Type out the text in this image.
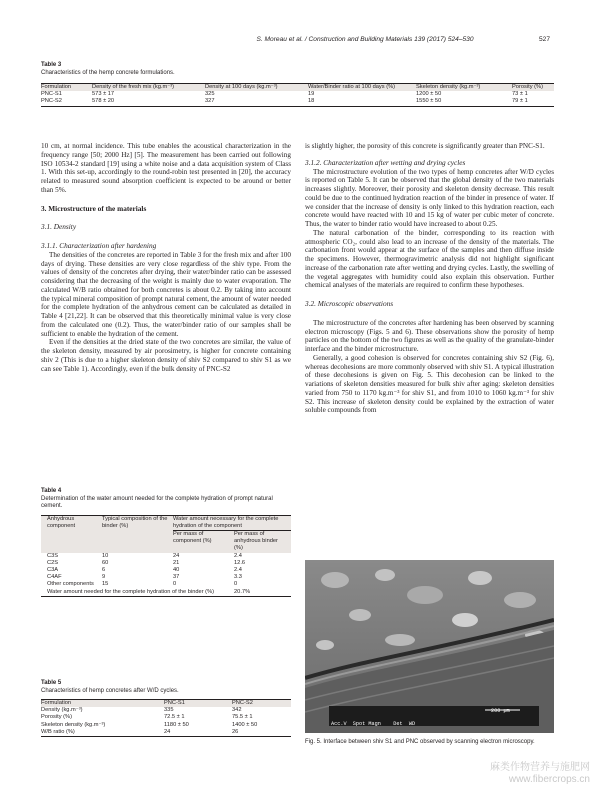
S. Moreau et al. / Construction and Building Materials 139 (2017) 524–530	527
Table 3
Characteristics of the hemp concrete formulations.
Formulation	Density of the fresh mix (kg.m⁻³)	Density at 100 days (kg.m⁻³)	Water/Binder ratio at 100 days (%)	Skeleton density (kg.m⁻³)	Porosity (%)
PNC-S1	573 ± 17	325	19	1200 ± 50	73 ± 1
PNC-S2	578 ± 20	327	18	1550 ± 50	79 ± 1

10 cm, at normal incidence. This tube enables the acoustical characterization in the frequency range [50; 2000 Hz] [5]. The measurement has been carried out following ISO 10534-2 standard [19] using a white noise and a data acquisition system of Class 1. With this set-up, accordingly to the round-robin test presented in [20], the accuracy related to measured sound absorption coefficient is expected to be around or better than 5%.

3. Microstructure of the materials
3.1. Density
3.1.1. Characterization after hardening

The densities of the concretes are reported in Table 3 for the fresh mix and after 100 days of drying. These densities are very close regardless of the shiv type. From the values of density of the concretes after drying, their water/binder ratio can be assessed considering that the decreasing of the weight is mainly due to water evaporation. The calculated W/B ratio obtained for both concretes is about 0.2. By taking into account the typical mineral composition of prompt natural cement, the amount of water needed for the complete hydration of the anhydrous cement can be calculated as detailed in Table 4 [21,22]. It can be observed that this theoretically minimal value is very close from the calculated one (0.2). Thus, the water/binder ratio of our samples shall be sufficient to enable the hydration of the cement.

Even if the densities at the dried state of the two concretes are similar, the value of the skeleton density, measured by air porosimetry, is higher for concrete containing shiv 2 (This is due to a higher skeleton density of shiv S2 compared to shiv S1 as we can see Table 1). Accordingly, even if the bulk density of PNC-S2

Table 4
Determination of the water amount needed for the complete hydration of prompt natural cement.
Anhydrous component	Typical composition of the binder (%)	Water amount necessary for the complete hydration of the component	
		Per mass of component (%)	Per mass of anhydrous binder (%)
C3S	10	24	2.4
C2S	60	21	12.6
C3A	6	40	2.4
C4AF	9	37	3.3
Other components	15	0	0
Water amount needed for the complete hydration of the binder (%)			20.7%
Table 5
Characteristics of hemp concretes after W/D cycles.
Formulation	PNC-S1	PNC-S2
Density (kg.m⁻³)	335	342
Porosity (%)	72.5 ± 1	75.5 ± 1
Skeleton density (kg.m⁻³)	1180 ± 50	1400 ± 50
W/B ratio (%)	24	26

is slightly higher, the porosity of this concrete is significantly greater than PNC-S1.

3.1.2. Characterization after wetting and drying cycles

The microstructure evolution of the two types of hemp concretes after W/D cycles is reported on Table 5. It can be observed that the global density of the two materials increases slightly. Moreover, their porosity and skeleton density decrease. This result could be due to the continued hydration reaction of the binder in presence of water. If we consider that the increase of density is only linked to this hydration reaction, each concrete would have reacted with 10 and 15 kg of water per cubic meter of concrete. Thus, the water to binder ratio would have increased to about 0.25.

The natural carbonation of the binder, corresponding to its reaction with atmospheric CO₂, could also lead to an increase of the density of the materials. The carbonation front would appear at the surface of the samples and then diffuse inside the specimens. However, thermogravimetric analysis did not highlight significant increase of the carbonation rate after wetting and drying cycles. Lastly, the swelling of the vegetal aggregates with humidity could also explain this observation. Further chemical analyses of the materials are required to confirm these hypotheses.

3.2. Microscopic observations

The microstructure of the concretes after hardening has been observed by scanning electron microscopy (Figs. 5 and 6). These observations show the porosity of hemp particles on the bottom of the two figures as well as the quality of the granulate-binder interface and the binder microstructure.

Generally, a good cohesion is observed for concretes containing shiv S2 (Fig. 6), whereas decohesions are more commonly observed with shiv S1. A typical illustration of these decohesions is given on Fig. 5. This decohesion can be linked to the variations of skeleton densities measured for bulk shiv after aging: skeleton densities varied from 750 to 1170 kg.m⁻³ for shiv S1, and from 1010 to 1060 kg.m⁻³ for shiv S2. This increase of skeleton density could be explained by the extraction of water soluble compounds from

Acc.V  Spot Magn    Det  WD

200 µm
Fig. 5. Interface between shiv S1 and PNC observed by scanning electron microscopy.
麻类作物营养与施肥网
www.fibercrops.cn
